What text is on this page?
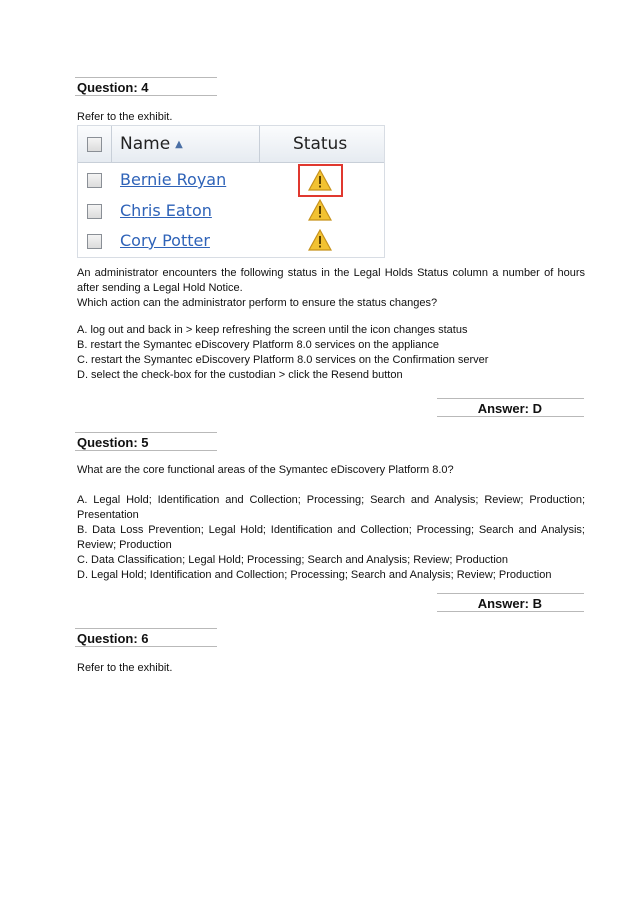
Question: 4
Refer to the exhibit.
Name ▲	Status
Bernie Royan
Chris Eaton
Cory Potter

An administrator encounters the following status in the Legal Holds Status column a number of hours after sending a Legal Hold Notice.

Which action can the administrator perform to ensure the status changes?

A. log out and back in > keep refreshing the screen until the icon changes status

B. restart the Symantec eDiscovery Platform 8.0 services on the appliance

C. restart the Symantec eDiscovery Platform 8.0 services on the Confirmation server

D. select the check-box for the custodian > click the Resend button

Answer: D
Question: 5
What are the core functional areas of the Symantec eDiscovery Platform 8.0?

A. Legal Hold; Identification and Collection; Processing; Search and Analysis; Review; Production; Presentation

B. Data Loss Prevention; Legal Hold; Identification and Collection; Processing; Search and Analysis; Review; Production

C. Data Classification; Legal Hold; Processing; Search and Analysis; Review; Production

D. Legal Hold; Identification and Collection; Processing; Search and Analysis; Review; Production

Answer: B
Question: 6
Refer to the exhibit.
